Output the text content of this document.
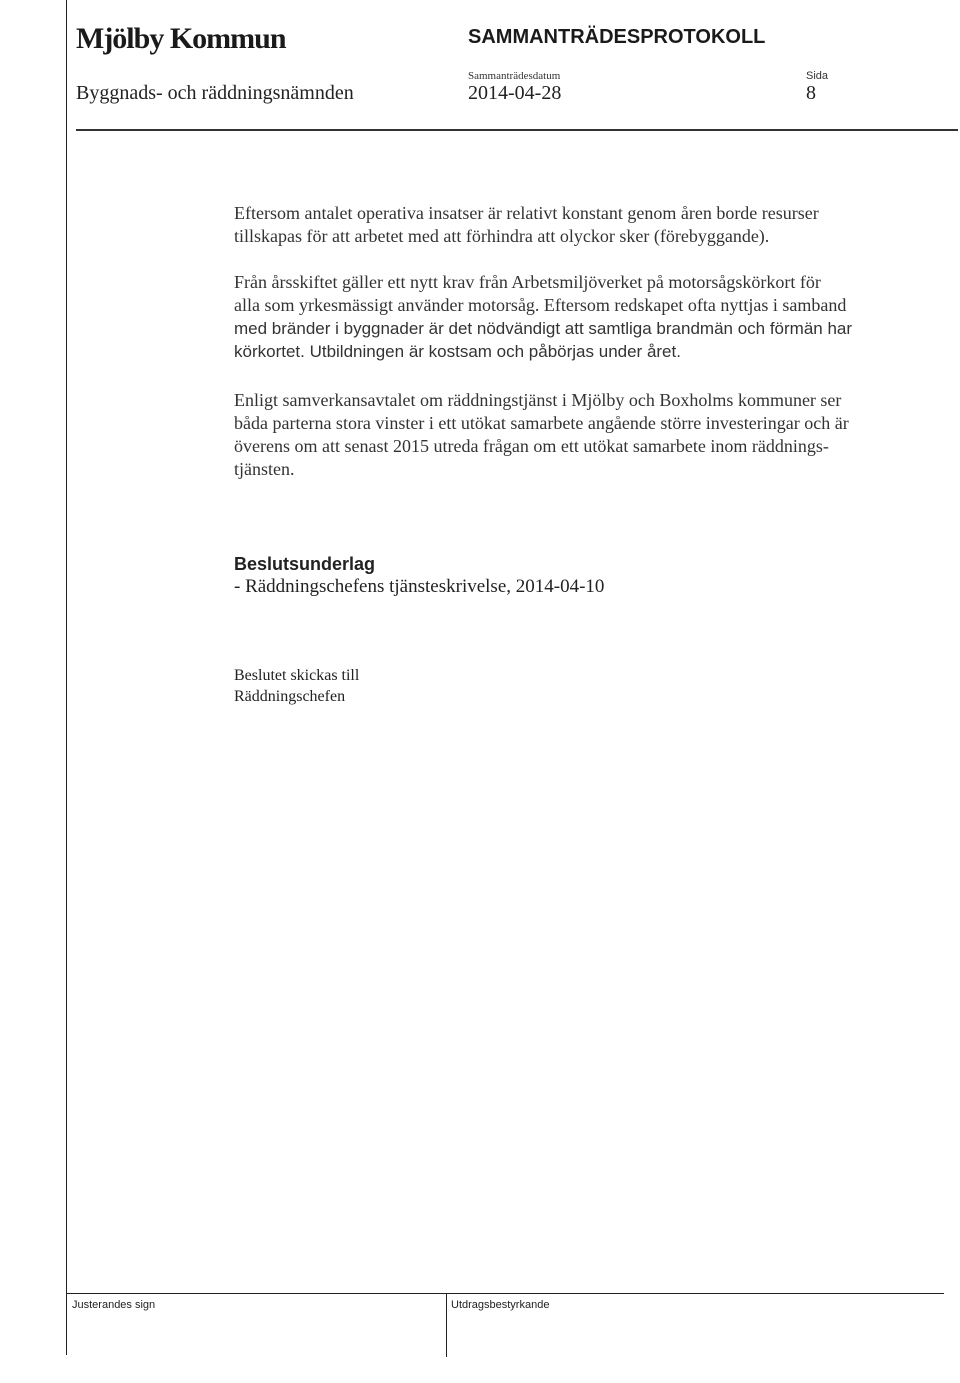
Mjölby Kommun	SAMMANTRÄDESPROTOKOLL
Sammanträdesdatum	Sida
Byggnads- och räddningsnämnden	2014-04-28	8
Eftersom antalet operativa insatser är relativt konstant genom åren borde resurser
tillskapas för att arbetet med att förhindra att olyckor sker (förebyggande).
Från årsskiftet gäller ett nytt krav från Arbetsmiljöverket på motorsågskörkort för
alla som yrkesmässigt använder motorsåg. Eftersom redskapet ofta nyttjas i samband
med bränder i byggnader är det nödvändigt att samtliga brandmän och förmän har
körkortet. Utbildningen är kostsam och påbörjas under året.
Enligt samverkansavtalet om räddningstjänst i Mjölby och Boxholms kommuner ser
båda parterna stora vinster i ett utökat samarbete angående större investeringar och är
överens om att senast 2015 utreda frågan om ett utökat samarbete inom räddnings-
tjänsten.
Beslutsunderlag
- Räddningschefens tjänsteskrivelse, 2014-04-10
Beslutet skickas till
Räddningschefen
Justerandes sign	Utdragsbestyrkande
